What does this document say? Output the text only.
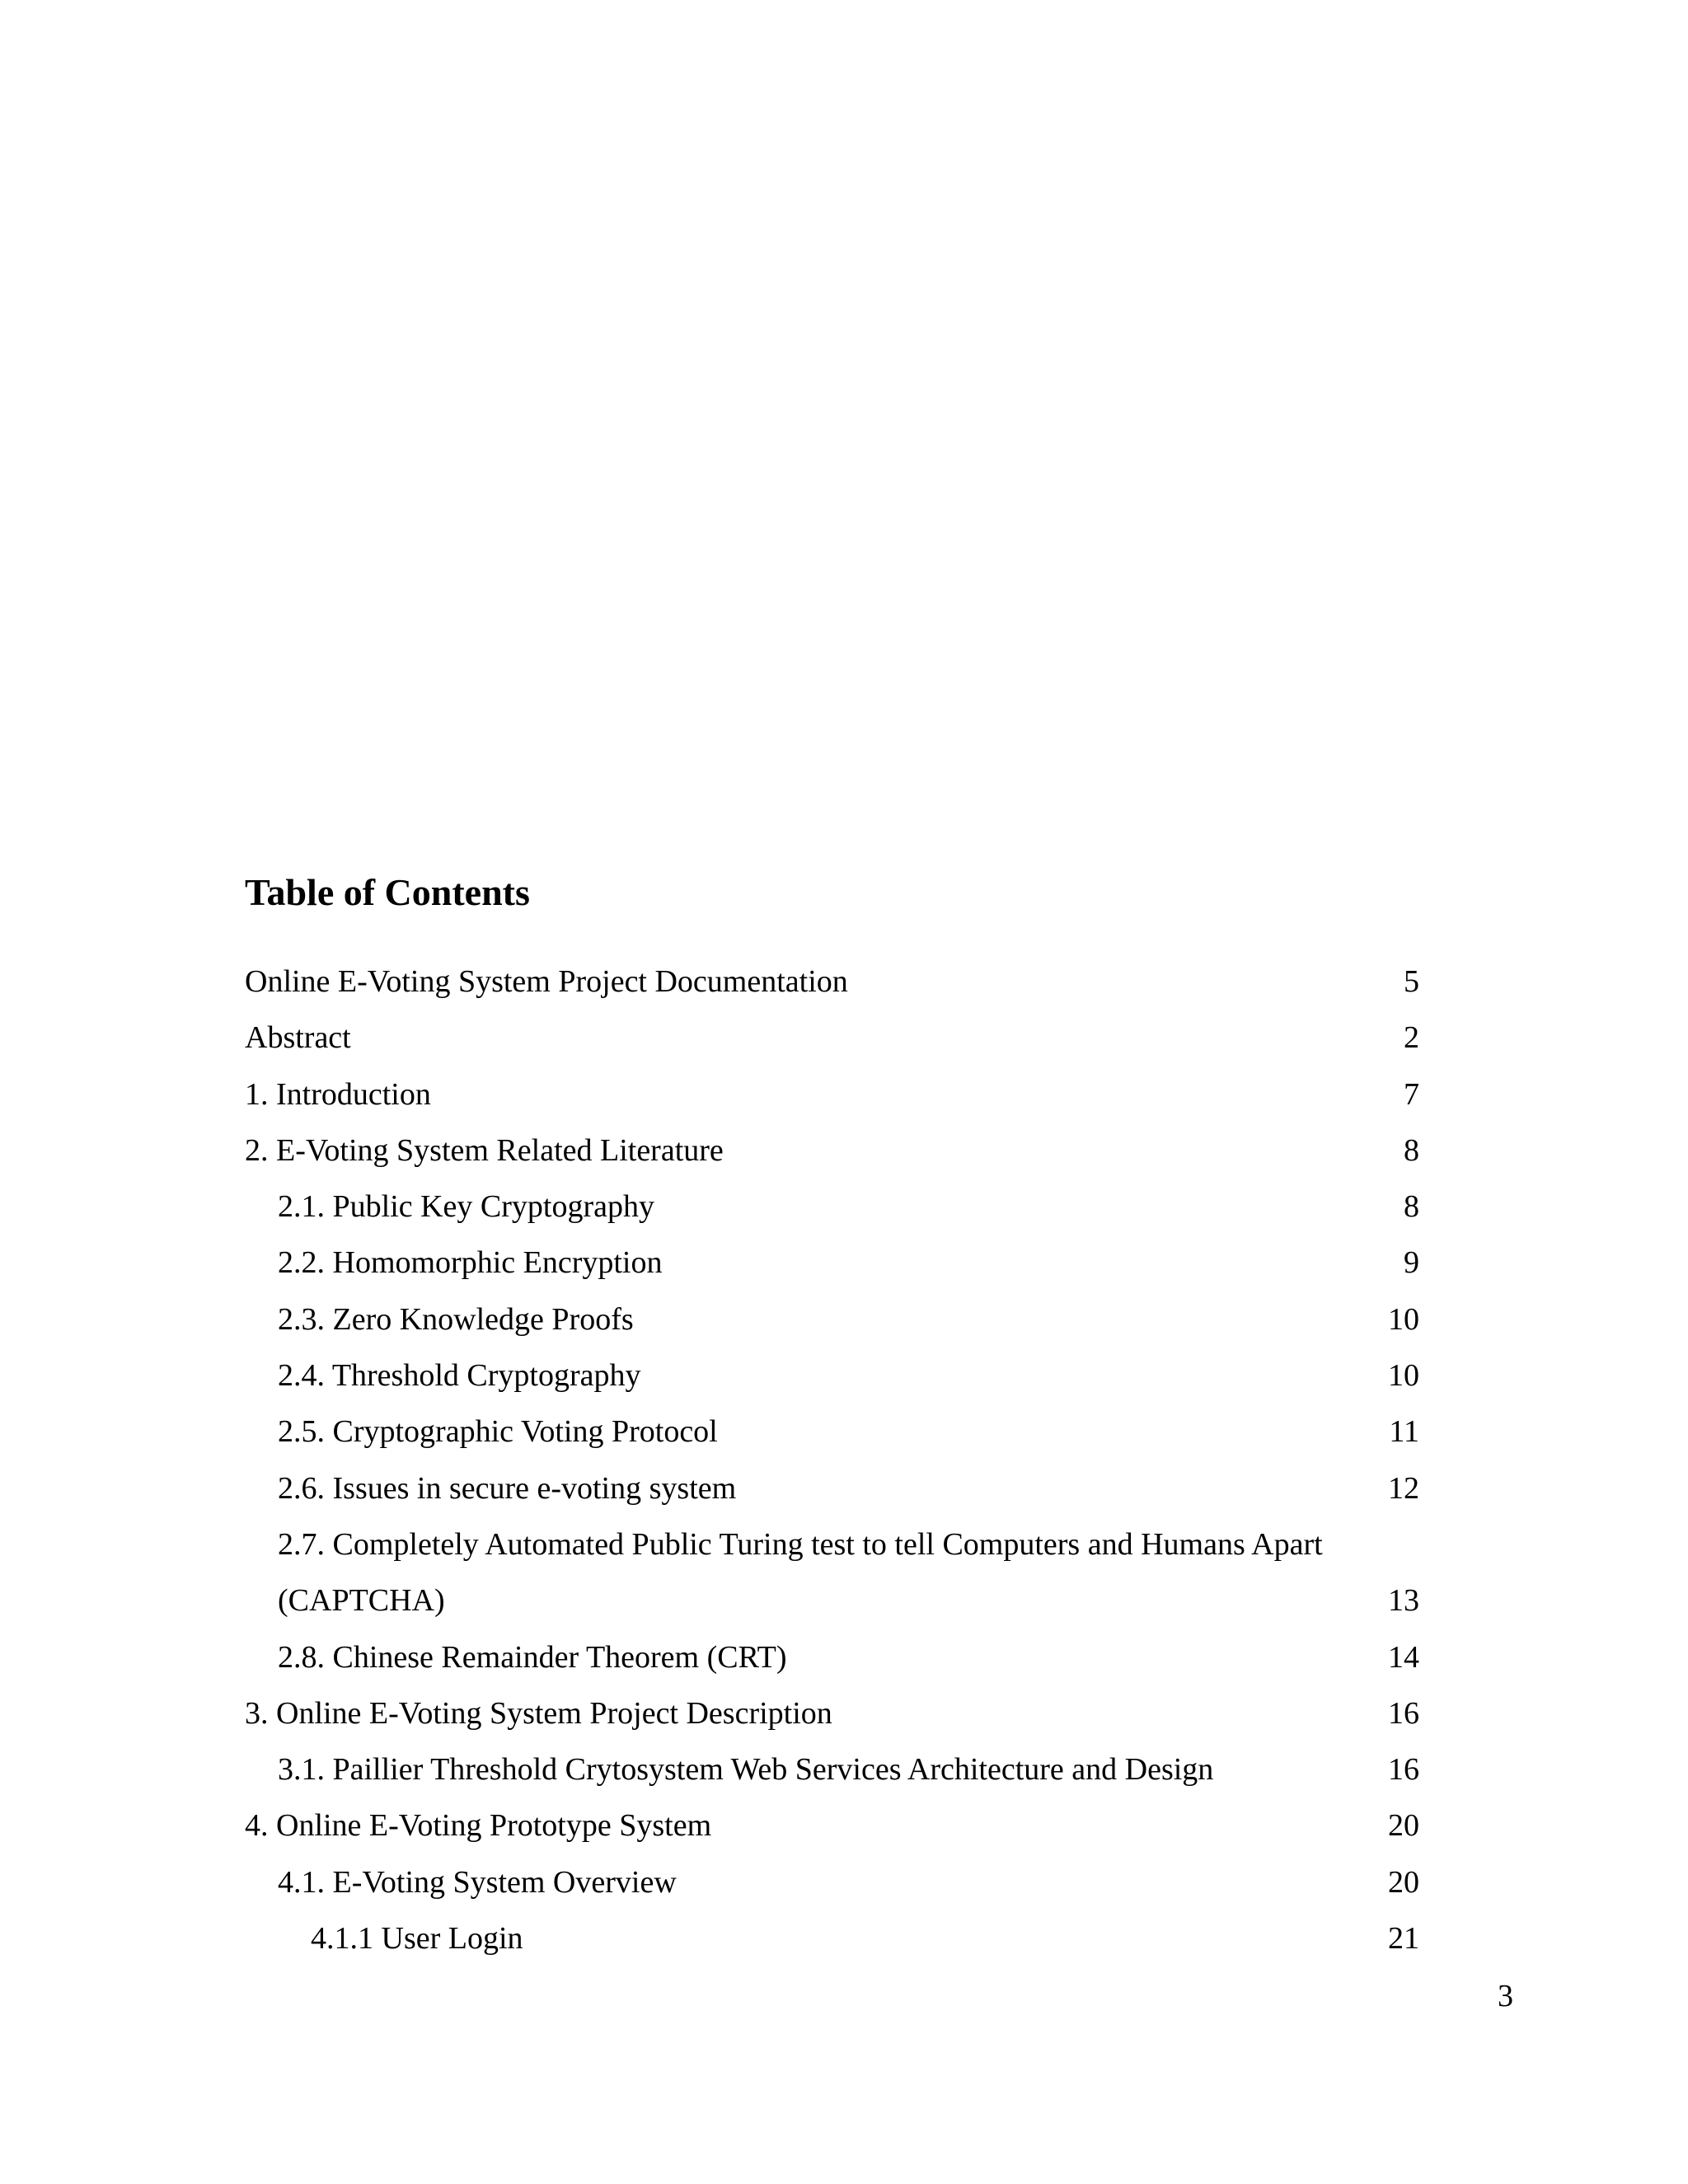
Table of Contents
Online E-Voting System Project Documentation	5
Abstract	2
1. Introduction	7
2. E-Voting System Related Literature	8
2.1. Public Key Cryptography	8
2.2. Homomorphic Encryption	9
2.3. Zero Knowledge Proofs	10
2.4. Threshold Cryptography	10
2.5. Cryptographic Voting Protocol	11
2.6. Issues in secure e-voting system	12
2.7. Completely Automated Public Turing test to tell Computers and Humans Apart
(CAPTCHA)	13
2.8. Chinese Remainder Theorem (CRT)	14
3. Online E-Voting System Project Description	16
3.1. Paillier Threshold Crytosystem Web Services Architecture and Design	16
4. Online E-Voting Prototype System	20
4.1. E-Voting System Overview	20
4.1.1 User Login	21
3
